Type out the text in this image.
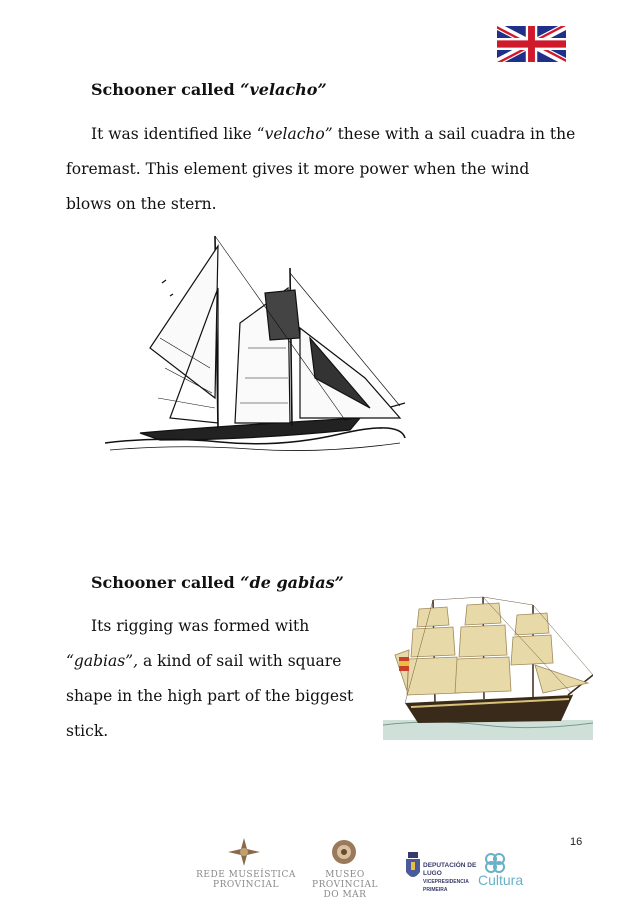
Schooner called “velacho”
It was identified like “velacho” these with a sail cuadra in the
foremast. This element gives it more power when the wind
blows on the stern.
Schooner called “de gabias”
Its rigging was formed with
“gabias”, a kind of sail with square
shape in the high part of the biggest
stick.
16
REDE MUSEÍSTICA
PROVINCIAL
MUSEO PROVINCIAL
DO MAR
DEPUTACIÓN DE LUGO
VICEPRESIDENCIA PRIMEIRA
Cultura
